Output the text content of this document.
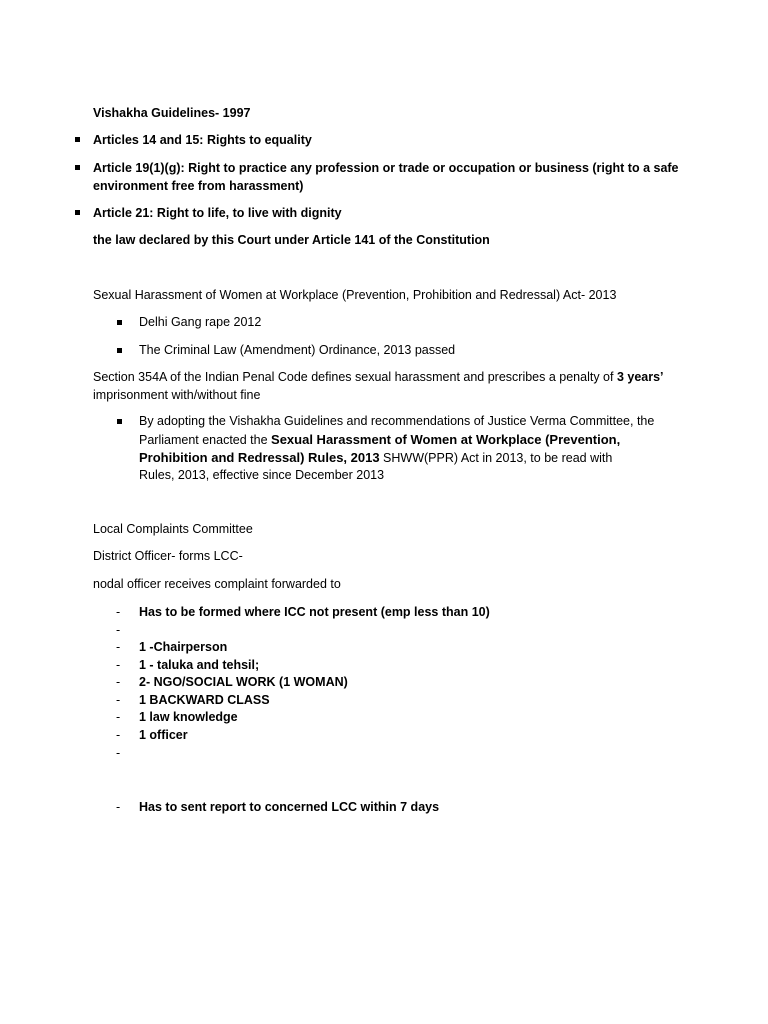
Vishakha Guidelines- 1997
Articles 14 and 15: Rights to equality
Article 19(1)(g): Right to practice any profession or trade or occupation or business (right to a safe
environment free from harassment)
Article 21: Right to life, to live with dignity
the law declared by this Court under Article 141 of the Constitution
Sexual Harassment of Women at Workplace (Prevention, Prohibition and Redressal) Act- 2013
Delhi Gang rape 2012
The Criminal Law (Amendment) Ordinance, 2013 passed
Section 354A of the Indian Penal Code defines sexual harassment and prescribes a penalty of 3 years’
imprisonment with/without fine
By adopting the Vishakha Guidelines and recommendations of Justice Verma Committee, the
Parliament enacted the Sexual Harassment of Women at Workplace (Prevention,
Prohibition and Redressal) Rules, 2013 SHWW(PPR) Act in 2013, to be read with
Rules, 2013, effective since December 2013
Local Complaints Committee
District Officer- forms LCC-
nodal officer receives complaint forwarded to
- Has to be formed where ICC not present (emp less than 10)
-
- 1 -Chairperson
- 1 - taluka and tehsil;
- 2- NGO/SOCIAL WORK (1 WOMAN)
- 1 BACKWARD CLASS
- 1 law knowledge
- 1 officer
-
- Has to sent report to concerned LCC within 7 days
